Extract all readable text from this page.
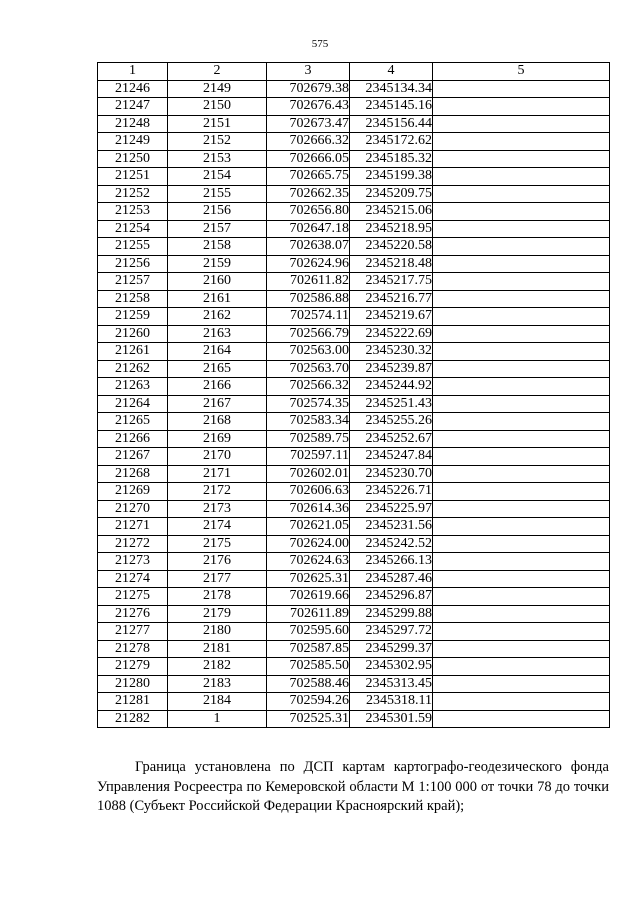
575
1	2	3	4	5
21246	2149	702679.38	2345134.34	
21247	2150	702676.43	2345145.16	
21248	2151	702673.47	2345156.44	
21249	2152	702666.32	2345172.62	
21250	2153	702666.05	2345185.32	
21251	2154	702665.75	2345199.38	
21252	2155	702662.35	2345209.75	
21253	2156	702656.80	2345215.06	
21254	2157	702647.18	2345218.95	
21255	2158	702638.07	2345220.58	
21256	2159	702624.96	2345218.48	
21257	2160	702611.82	2345217.75	
21258	2161	702586.88	2345216.77	
21259	2162	702574.11	2345219.67	
21260	2163	702566.79	2345222.69	
21261	2164	702563.00	2345230.32	
21262	2165	702563.70	2345239.87	
21263	2166	702566.32	2345244.92	
21264	2167	702574.35	2345251.43	
21265	2168	702583.34	2345255.26	
21266	2169	702589.75	2345252.67	
21267	2170	702597.11	2345247.84	
21268	2171	702602.01	2345230.70	
21269	2172	702606.63	2345226.71	
21270	2173	702614.36	2345225.97	
21271	2174	702621.05	2345231.56	
21272	2175	702624.00	2345242.52	
21273	2176	702624.63	2345266.13	
21274	2177	702625.31	2345287.46	
21275	2178	702619.66	2345296.87	
21276	2179	702611.89	2345299.88	
21277	2180	702595.60	2345297.72	
21278	2181	702587.85	2345299.37	
21279	2182	702585.50	2345302.95	
21280	2183	702588.46	2345313.45	
21281	2184	702594.26	2345318.11	
21282	1	702525.31	2345301.59	
Граница установлена по ДСП картам картографо-геодезического фонда Управления Росреестра по Кемеровской области М 1:100 000 от точки 78 до точки 1088 (Субъект Российской Федерации Красноярский край);
